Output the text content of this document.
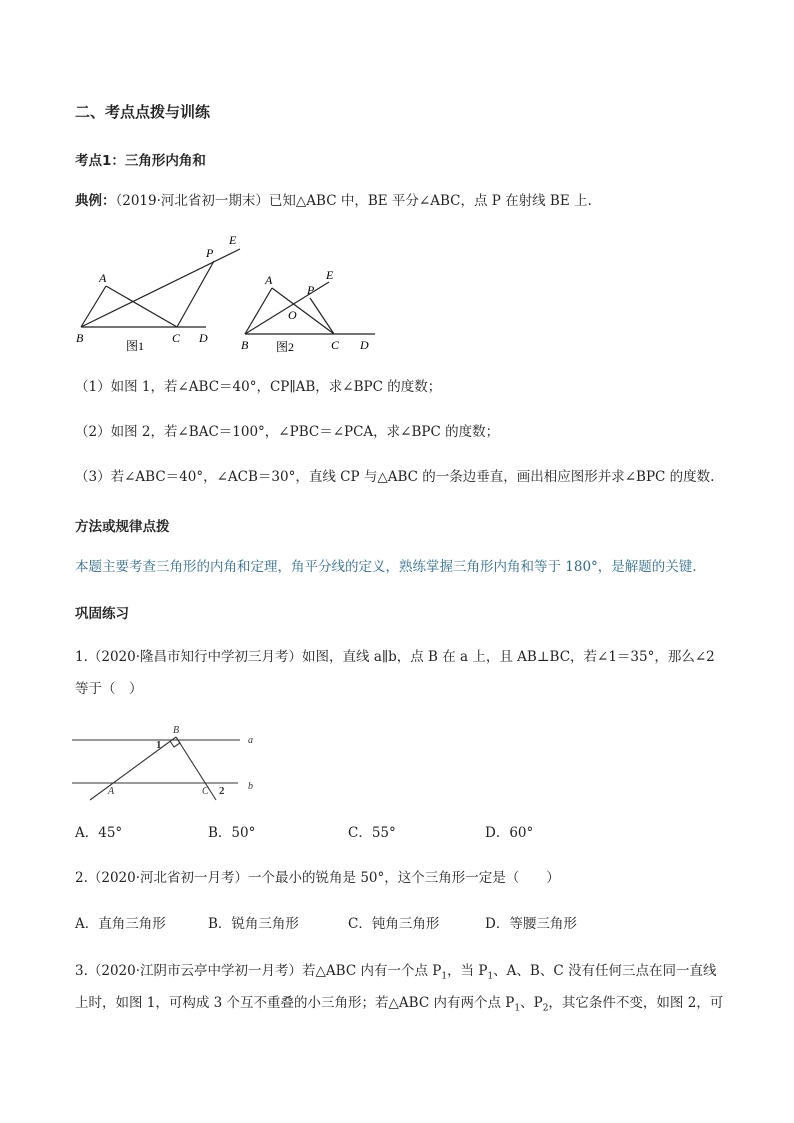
二、考点点拨与训练
考点1：三角形内角和
典例：（2019·河北省初一期末）已知△ABC 中，BE 平分∠ABC，点 P 在射线 BE 上.
A
B	C D
P
E
图1
A
B	C D
P
E
O
图2
（1）如图 1，若∠ABC＝40°，CP∥AB，求∠BPC 的度数；
（2）如图 2，若∠BAC＝100°，∠PBC＝∠PCA，求∠BPC 的度数；
（3）若∠ABC＝40°，∠ACB＝30°，直线 CP 与△ABC 的一条边垂直，画出相应图形并求∠BPC 的度数.
方法或规律点拨
本题主要考查三角形的内角和定理，角平分线的定义，熟练掌握三角形内角和等于 180°，是解题的关键.
巩固练习
1.（2020·隆昌市知行中学初三月考）如图，直线 a∥b，点 B 在 a 上，且 AB⊥BC，若∠1＝35°，那么∠2
等于（　）
B
1	a
b
A	C 2
A．45°	B．50°	C．55°	D．60°
2.（2020·河北省初一月考）一个最小的锐角是 50°，这个三角形一定是（　　）
A．直角三角形	B．锐角三角形	C．钝角三角形	D．等腰三角形
3.（2020·江阴市云亭中学初一月考）若△ABC 内有一个点 $P_1$，当 $P_1$、A、B、C 没有任何三点在同一直线
上时，如图 1，可构成 3 个互不重叠的小三角形；若△ABC 内有两个点 $P_1$、$P_2$，其它条件不变，如图 2，可
